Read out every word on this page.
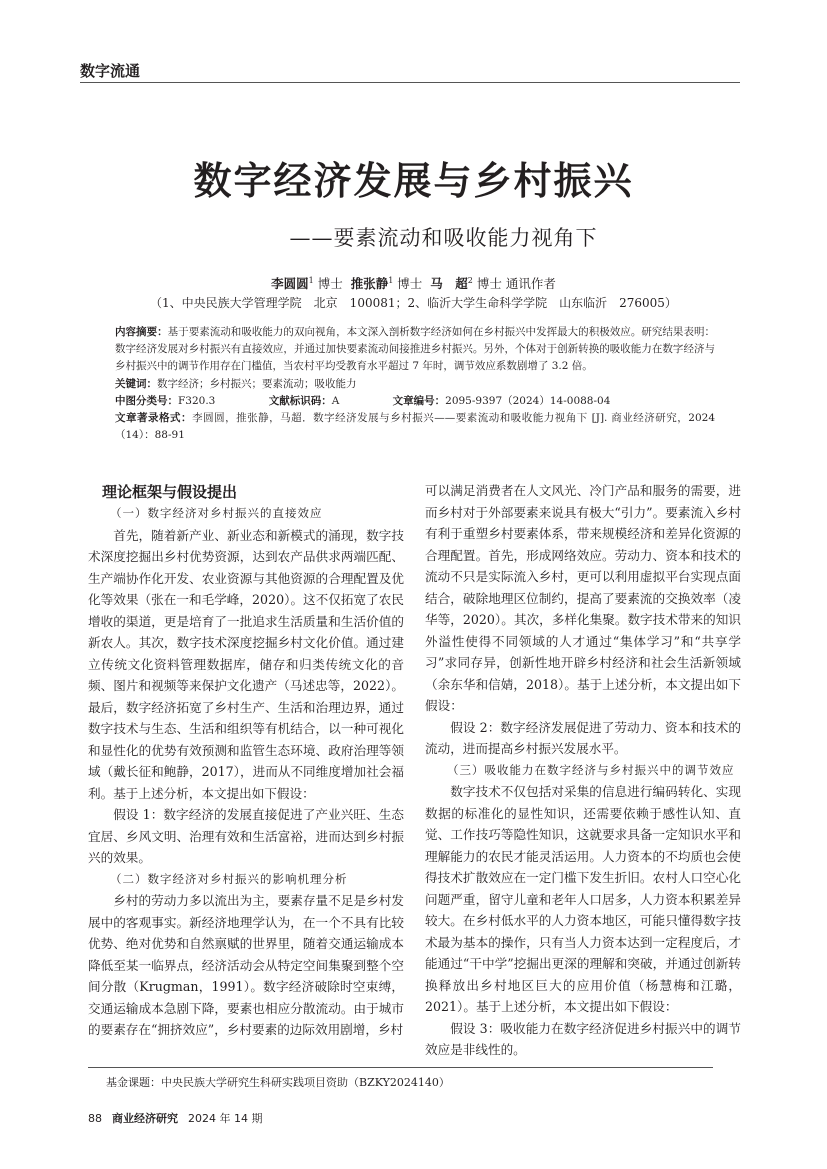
数字流通
数字经济发展与乡村振兴
——要素流动和吸收能力视角下
李圆圆$^1$ 博士 推张静$^1$ 博士 马　超$^2$ 博士 通讯作者
（1、中央民族大学管理学院　北京　100081；2、临沂大学生命科学学院　山东临沂　276005）
内容摘要：基于要素流动和吸收能力的双向视角，本文深入剖析数字经济如何在乡村振兴中发挥最大的积极效应。研究结果表明：数字经济发展对乡村振兴有直接效应，并通过加快要素流动间接推进乡村振兴。另外，个体对于创新转换的吸收能力在数字经济与乡村振兴中的调节作用存在门槛值，当农村平均受教育水平超过 7 年时，调节效应系数剧增了 3.2 倍。
关键词：数字经济；乡村振兴；要素流动；吸收能力
中图分类号：F320.3	文献标识码：A	文章编号：2095-9397（2024）14-0088-04
文章著录格式：李圆圆，推张静，马超．数字经济发展与乡村振兴——要素流动和吸收能力视角下 [J]. 商业经济研究，2024（14）：88-91
理论框架与假设提出
（一）数字经济对乡村振兴的直接效应

首先，随着新产业、新业态和新模式的涌现，数字技术深度挖掘出乡村优势资源，达到农产品供求两端匹配、生产端协作化开发、农业资源与其他资源的合理配置及优化等效果（张在一和毛学峰，2020）。这不仅拓宽了农民增收的渠道，更是培育了一批追求生活质量和生活价值的新农人。其次，数字技术深度挖掘乡村文化价值。通过建立传统文化资料管理数据库，储存和归类传统文化的音频、图片和视频等来保护文化遗产（马述忠等，2022）。最后，数字经济拓宽了乡村生产、生活和治理边界，通过数字技术与生态、生活和组织等有机结合，以一种可视化和显性化的优势有效预测和监管生态环境、政府治理等领域（戴长征和鲍静，2017），进而从不同维度增加社会福利。基于上述分析，本文提出如下假设：

假设 1：数字经济的发展直接促进了产业兴旺、生态宜居、乡风文明、治理有效和生活富裕，进而达到乡村振兴的效果。

（二）数字经济对乡村振兴的影响机理分析

乡村的劳动力多以流出为主，要素存量不足是乡村发展中的客观事实。新经济地理学认为，在一个不具有比较优势、绝对优势和自然禀赋的世界里，随着交通运输成本降低至某一临界点，经济活动会从特定空间集聚到整个空间分散（Krugman，1991）。数字经济破除时空束缚，交通运输成本急剧下降，要素也相应分散流动。由于城市的要素存在“拥挤效应”，乡村要素的边际效用剧增，乡村

可以满足消费者在人文风光、冷门产品和服务的需要，进而乡村对于外部要素来说具有极大“引力”。要素流入乡村有利于重塑乡村要素体系，带来规模经济和差异化资源的合理配置。首先，形成网络效应。劳动力、资本和技术的流动不只是实际流入乡村，更可以利用虚拟平台实现点面结合，破除地理区位制约，提高了要素流的交换效率（凌华等，2020）。其次，多样化集聚。数字技术带来的知识外溢性使得不同领域的人才通过“集体学习”和“共享学习”求同存异，创新性地开辟乡村经济和社会生活新领域（余东华和信婧，2018）。基于上述分析，本文提出如下假设：

假设 2：数字经济发展促进了劳动力、资本和技术的流动，进而提高乡村振兴发展水平。

（三）吸收能力在数字经济与乡村振兴中的调节效应

数字技术不仅包括对采集的信息进行编码转化、实现数据的标准化的显性知识，还需要依赖于感性认知、直觉、工作技巧等隐性知识，这就要求具备一定知识水平和理解能力的农民才能灵活运用。人力资本的不均质也会使得技术扩散效应在一定门槛下发生折旧。农村人口空心化问题严重，留守儿童和老年人口居多，人力资本积累差异较大。在乡村低水平的人力资本地区，可能只懂得数字技术最为基本的操作，只有当人力资本达到一定程度后，才能通过“干中学”挖掘出更深的理解和突破，并通过创新转换释放出乡村地区巨大的应用价值（杨慧梅和江璐，2021）。基于上述分析，本文提出如下假设：

假设 3：吸收能力在数字经济促进乡村振兴中的调节效应是非线性的。

基金课题：中央民族大学研究生科研实践项目资助（BZKY2024140）
88 商业经济研究 2024 年 14 期
